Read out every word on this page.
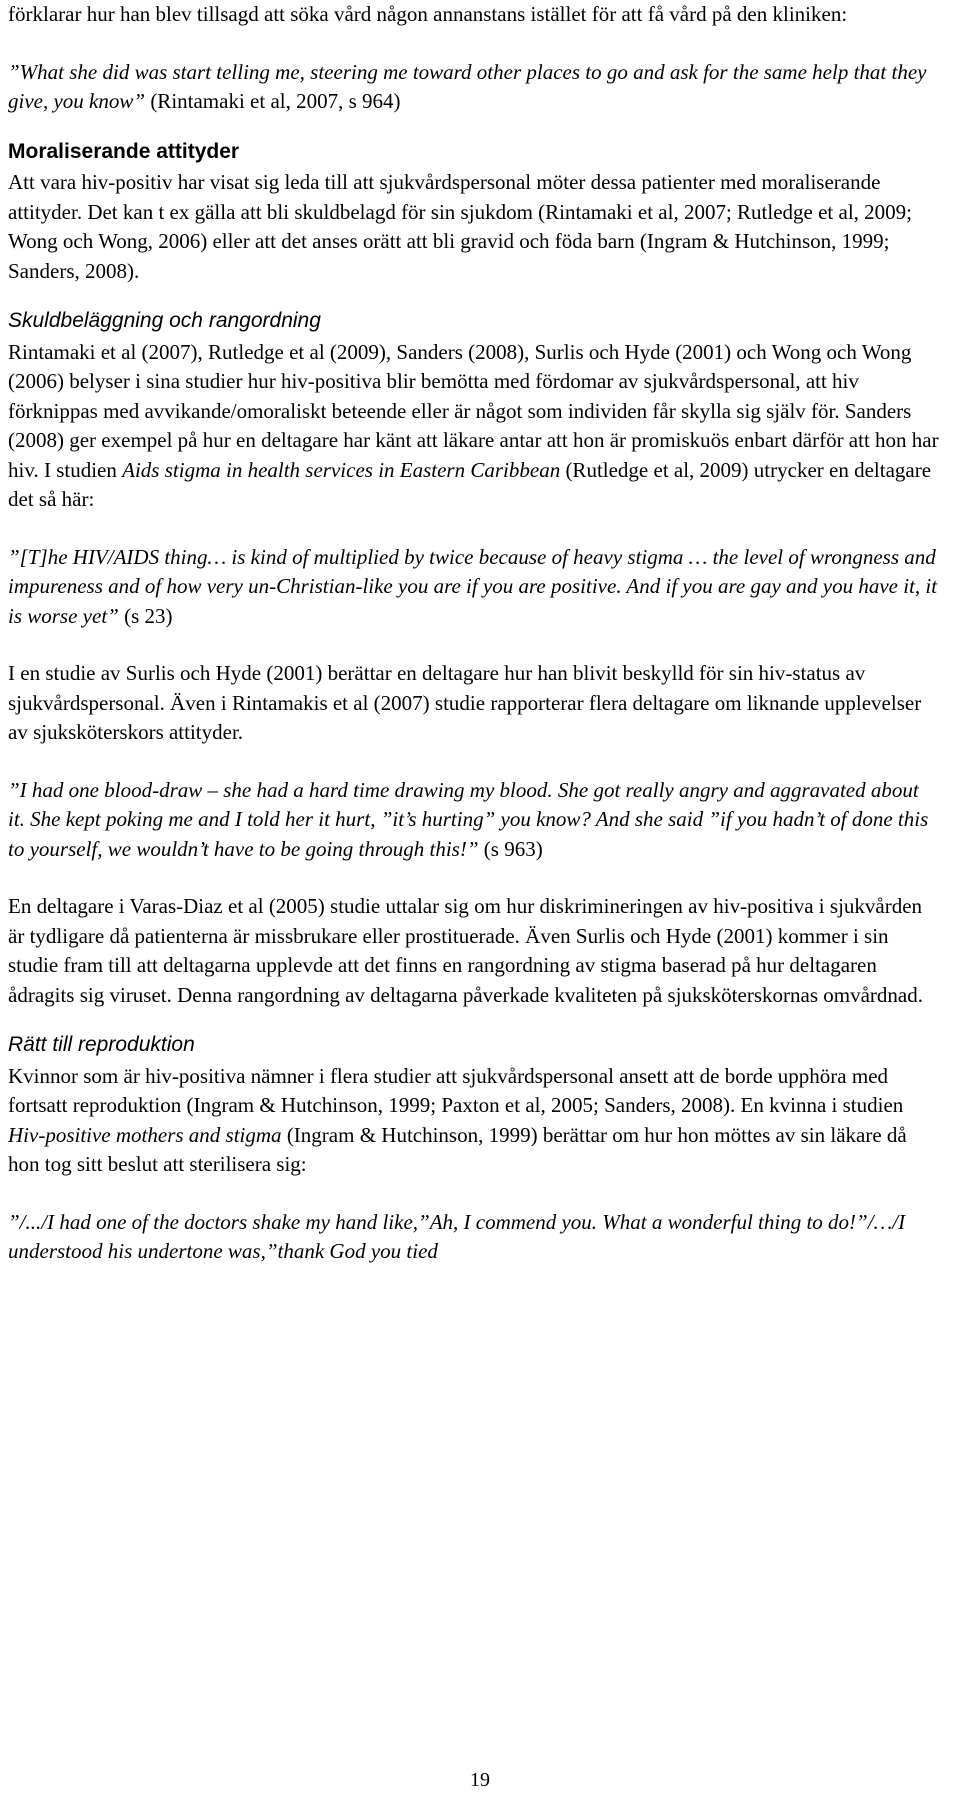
förklarar hur han blev tillsagd att söka vård någon annanstans istället för att få vård på den kliniken:

”What she did was start telling me, steering me toward other places to go and ask for the same help that they give, you know” (Rintamaki et al, 2007, s 964)

Moraliserande attityder

Att vara hiv-positiv har visat sig leda till att sjukvårdspersonal möter dessa patienter med moraliserande attityder. Det kan t ex gälla att bli skuldbelagd för sin sjukdom (Rintamaki et al, 2007; Rutledge et al, 2009; Wong och Wong, 2006) eller att det anses orätt att bli gravid och föda barn (Ingram & Hutchinson, 1999; Sanders, 2008).

Skuldbeläggning och rangordning

Rintamaki et al (2007), Rutledge et al (2009), Sanders (2008), Surlis och Hyde (2001) och Wong och Wong (2006) belyser i sina studier hur hiv-positiva blir bemötta med fördomar av sjukvårdspersonal, att hiv förknippas med avvikande/omoraliskt beteende eller är något som individen får skylla sig själv för. Sanders (2008) ger exempel på hur en deltagare har känt att läkare antar att hon är promiskuös enbart därför att hon har hiv. I studien Aids stigma in health services in Eastern Caribbean (Rutledge et al, 2009) utrycker en deltagare det så här:

”[T]he HIV/AIDS thing… is kind of multiplied by twice because of heavy stigma … the level of wrongness and impureness and of how very un-Christian-like you are if you are positive. And if you are gay and you have it, it is worse yet” (s 23)

I en studie av Surlis och Hyde (2001) berättar en deltagare hur han blivit beskylld för sin hiv-status av sjukvårdspersonal. Även i Rintamakis et al (2007) studie rapporterar flera deltagare om liknande upplevelser av sjuksköterskors attityder.

”I had one blood-draw – she had a hard time drawing my blood. She got really angry and aggravated about it. She kept poking me and I told her it hurt, ”it’s hurting” you know? And she said ”if you hadn’t of done this to yourself, we wouldn’t have to be going through this!” (s 963)

En deltagare i Varas-Diaz et al (2005) studie uttalar sig om hur diskrimineringen av hiv-positiva i sjukvården är tydligare då patienterna är missbrukare eller prostituerade. Även Surlis och Hyde (2001) kommer i sin studie fram till att deltagarna upplevde att det finns en rangordning av stigma baserad på hur deltagaren ådragits sig viruset. Denna rangordning av deltagarna påverkade kvaliteten på sjuksköterskornas omvårdnad.

Rätt till reproduktion

Kvinnor som är hiv-positiva nämner i flera studier att sjukvårdspersonal ansett att de borde upphöra med fortsatt reproduktion (Ingram & Hutchinson, 1999; Paxton et al, 2005; Sanders, 2008). En kvinna i studien Hiv-positive mothers and stigma (Ingram & Hutchinson, 1999) berättar om hur hon möttes av sin läkare då hon tog sitt beslut att sterilisera sig:

”/.../I had one of the doctors shake my hand like,”Ah, I commend you. What a wonderful thing to do!”/…/I understood his undertone was,”thank God you tied

19
